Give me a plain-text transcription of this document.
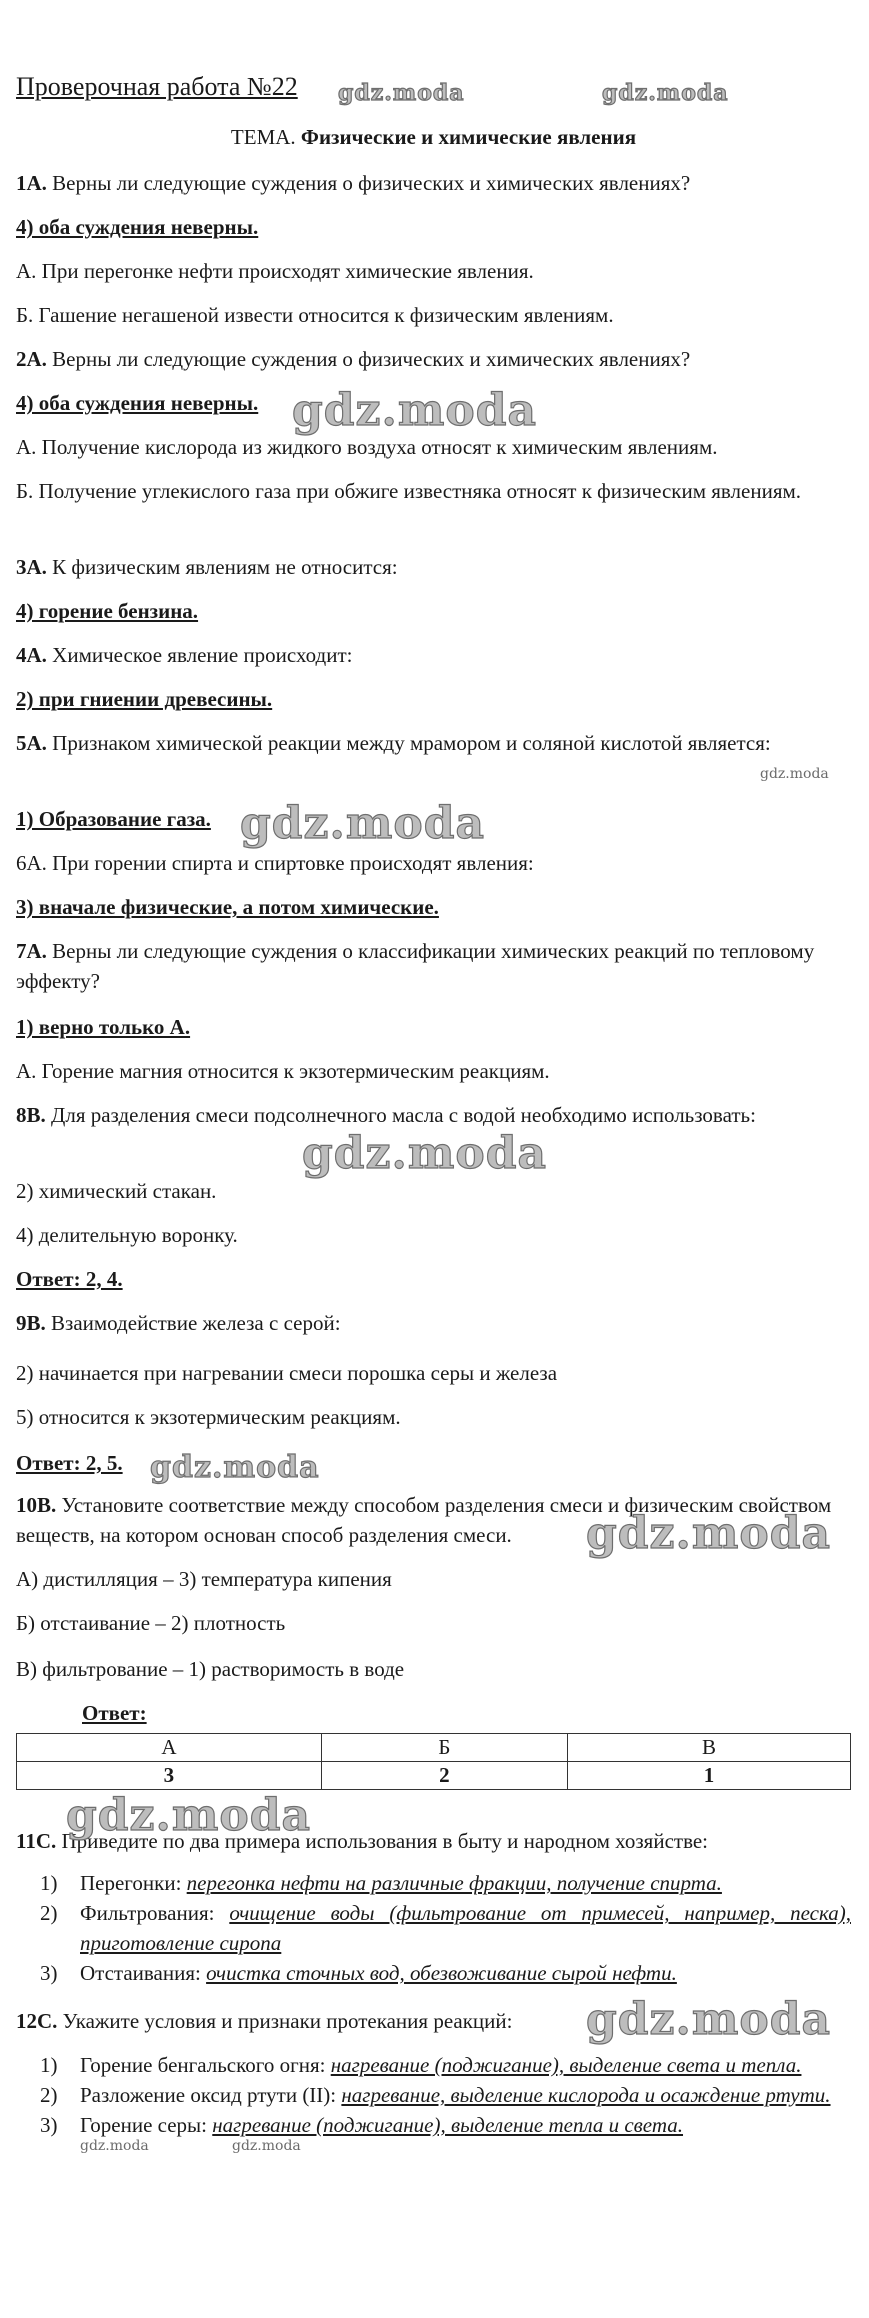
Проверочная работа №22
ТЕМА. Физические и химические явления
1А. Верны ли следующие суждения о физических и химических явлениях?
4) оба суждения неверны.
А. При перегонке нефти происходят химические явления.
Б. Гашение негашеной извести относится к физическим явлениям.
2А. Верны ли следующие суждения о физических и химических явлениях?
4) оба суждения неверны.
А. Получение кислорода из жидкого воздуха относят к химическим явлениям.
Б. Получение углекислого газа при обжиге известняка относят к физическим явлениям.
3А. К физическим явлениям не относится:
4) горение бензина.
4А. Химическое явление происходит:
2) при гниении древесины.
5А. Признаком химической реакции между мрамором и соляной кислотой является:
1) Образование газа.
6А. При горении спирта и спиртовке происходят явления:
3) вначале физические, а потом химические.
7А. Верны ли следующие суждения о классификации химических реакций по тепловому эффекту?
1) верно только А.
А. Горение магния относится к экзотермическим реакциям.
8В. Для разделения смеси подсолнечного масла с водой необходимо использовать:
2) химический стакан.
4) делительную воронку.
Ответ: 2, 4.
9В. Взаимодействие железа с серой:
2) начинается при нагревании смеси порошка серы и железа
5) относится к экзотермическим реакциям.
Ответ: 2, 5.
10В. Установите соответствие между способом разделения смеси и физическим свойством веществ, на котором основан способ разделения смеси.
А) дистилляция – 3) температура кипения
Б) отстаивание – 2) плотность
В) фильтрование – 1) растворимость в воде
Ответ:
А	Б	В
3	2	1
11С. Приведите по два примера использования в быту и народном хозяйстве:
1)	Перегонки: перегонка нефти на различные фракции, получение спирта.
2)	Фильтрования: очищение воды (фильтрование от примесей, например, песка), приготовление сиропа
3)	Отстаивания: очистка сточных вод, обезвоживание сырой нефти.
12С. Укажите условия и признаки протекания реакций:
1)	Горение бенгальского огня: нагревание (поджигание), выделение света и тепла.
2)	Разложение оксид ртути (II): нагревание, выделение кислорода и осаждение ртути.
3)	Горение серы: нагревание (поджигание), выделение тепла и света.
gdz.moda	gdz.moda
gdz.moda
gdz.moda
gdz.moda
gdz.moda
gdz.moda
gdz.moda
gdz.moda
gdz.moda
gdz.moda	gdz.moda
